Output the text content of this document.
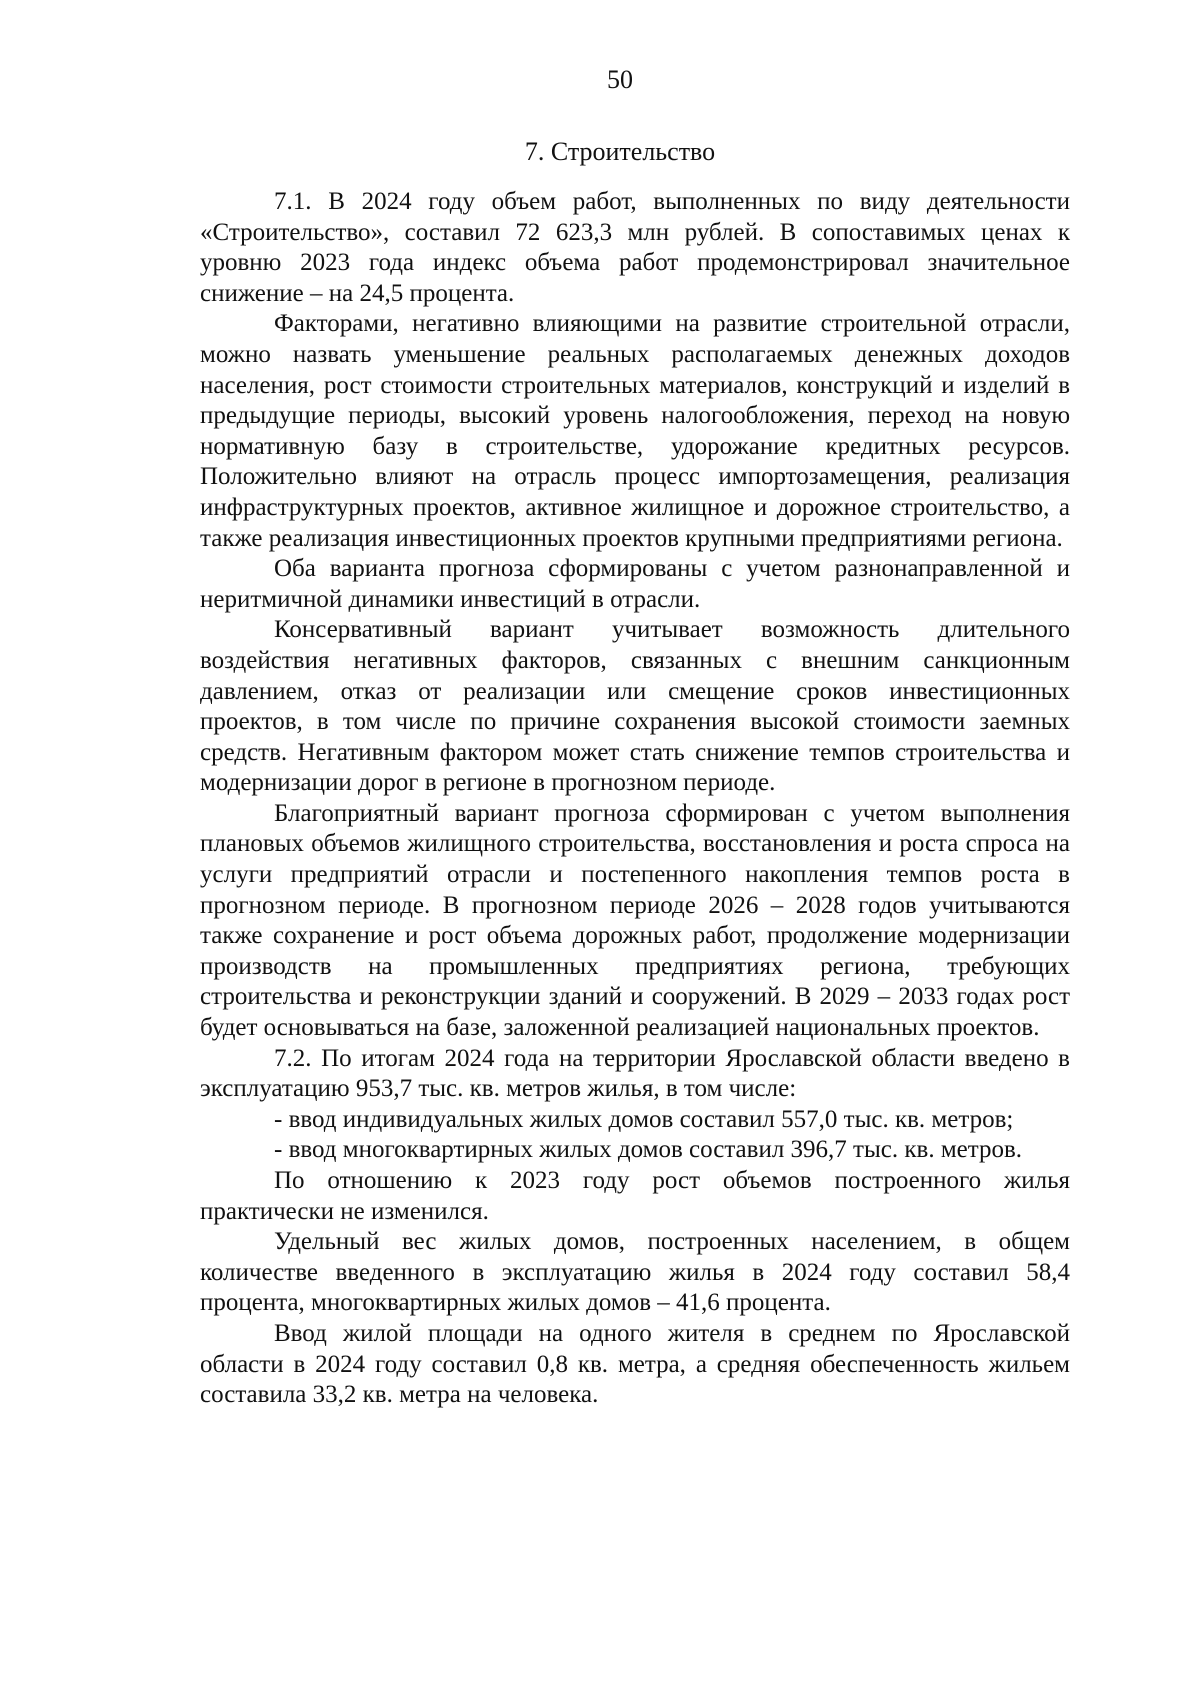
50
7. Строительство

7.1. В 2024 году объем работ, выполненных по виду деятельности «Строительство», составил 72 623,3 млн рублей. В сопоставимых ценах к уровню 2023 года индекс объема работ продемонстрировал значительное снижение – на 24,5 процента.

Факторами, негативно влияющими на развитие строительной отрасли, можно назвать уменьшение реальных располагаемых денежных доходов населения, рост стоимости строительных материалов, конструкций и изделий в предыдущие периоды, высокий уровень налогообложения, переход на новую нормативную базу в строительстве, удорожание кредитных ресурсов. Положительно влияют на отрасль процесс импортозамещения, реализация инфраструктурных проектов, активное жилищное и дорожное строительство, а также реализация инвестиционных проектов крупными предприятиями региона.

Оба варианта прогноза сформированы с учетом разнонаправленной и неритмичной динамики инвестиций в отрасли.

Консервативный вариант учитывает возможность длительного воздействия негативных факторов, связанных с внешним санкционным давлением, отказ от реализации или смещение сроков инвестиционных проектов, в том числе по причине сохранения высокой стоимости заемных средств. Негативным фактором может стать снижение темпов строительства и модернизации дорог в регионе в прогнозном периоде.

Благоприятный вариант прогноза сформирован с учетом выполнения плановых объемов жилищного строительства, восстановления и роста спроса на услуги предприятий отрасли и постепенного накопления темпов роста в прогнозном периоде. В прогнозном периоде 2026 – 2028 годов учитываются также сохранение и рост объема дорожных работ, продолжение модернизации производств на промышленных предприятиях региона, требующих строительства и реконструкции зданий и сооружений. В 2029 – 2033 годах рост будет основываться на базе, заложенной реализацией национальных проектов.

7.2. По итогам 2024 года на территории Ярославской области введено в эксплуатацию 953,7 тыс. кв. метров жилья, в том числе:

- ввод индивидуальных жилых домов составил 557,0 тыс. кв. метров;

- ввод многоквартирных жилых домов составил 396,7 тыс. кв. метров.

По отношению к 2023 году рост объемов построенного жилья практически не изменился.

Удельный вес жилых домов, построенных населением, в общем количестве введенного в эксплуатацию жилья в 2024 году составил 58,4 процента, многоквартирных жилых домов – 41,6 процента.

Ввод жилой площади на одного жителя в среднем по Ярославской области в 2024 году составил 0,8 кв. метра, а средняя обеспеченность жильем составила 33,2 кв. метра на человека.
